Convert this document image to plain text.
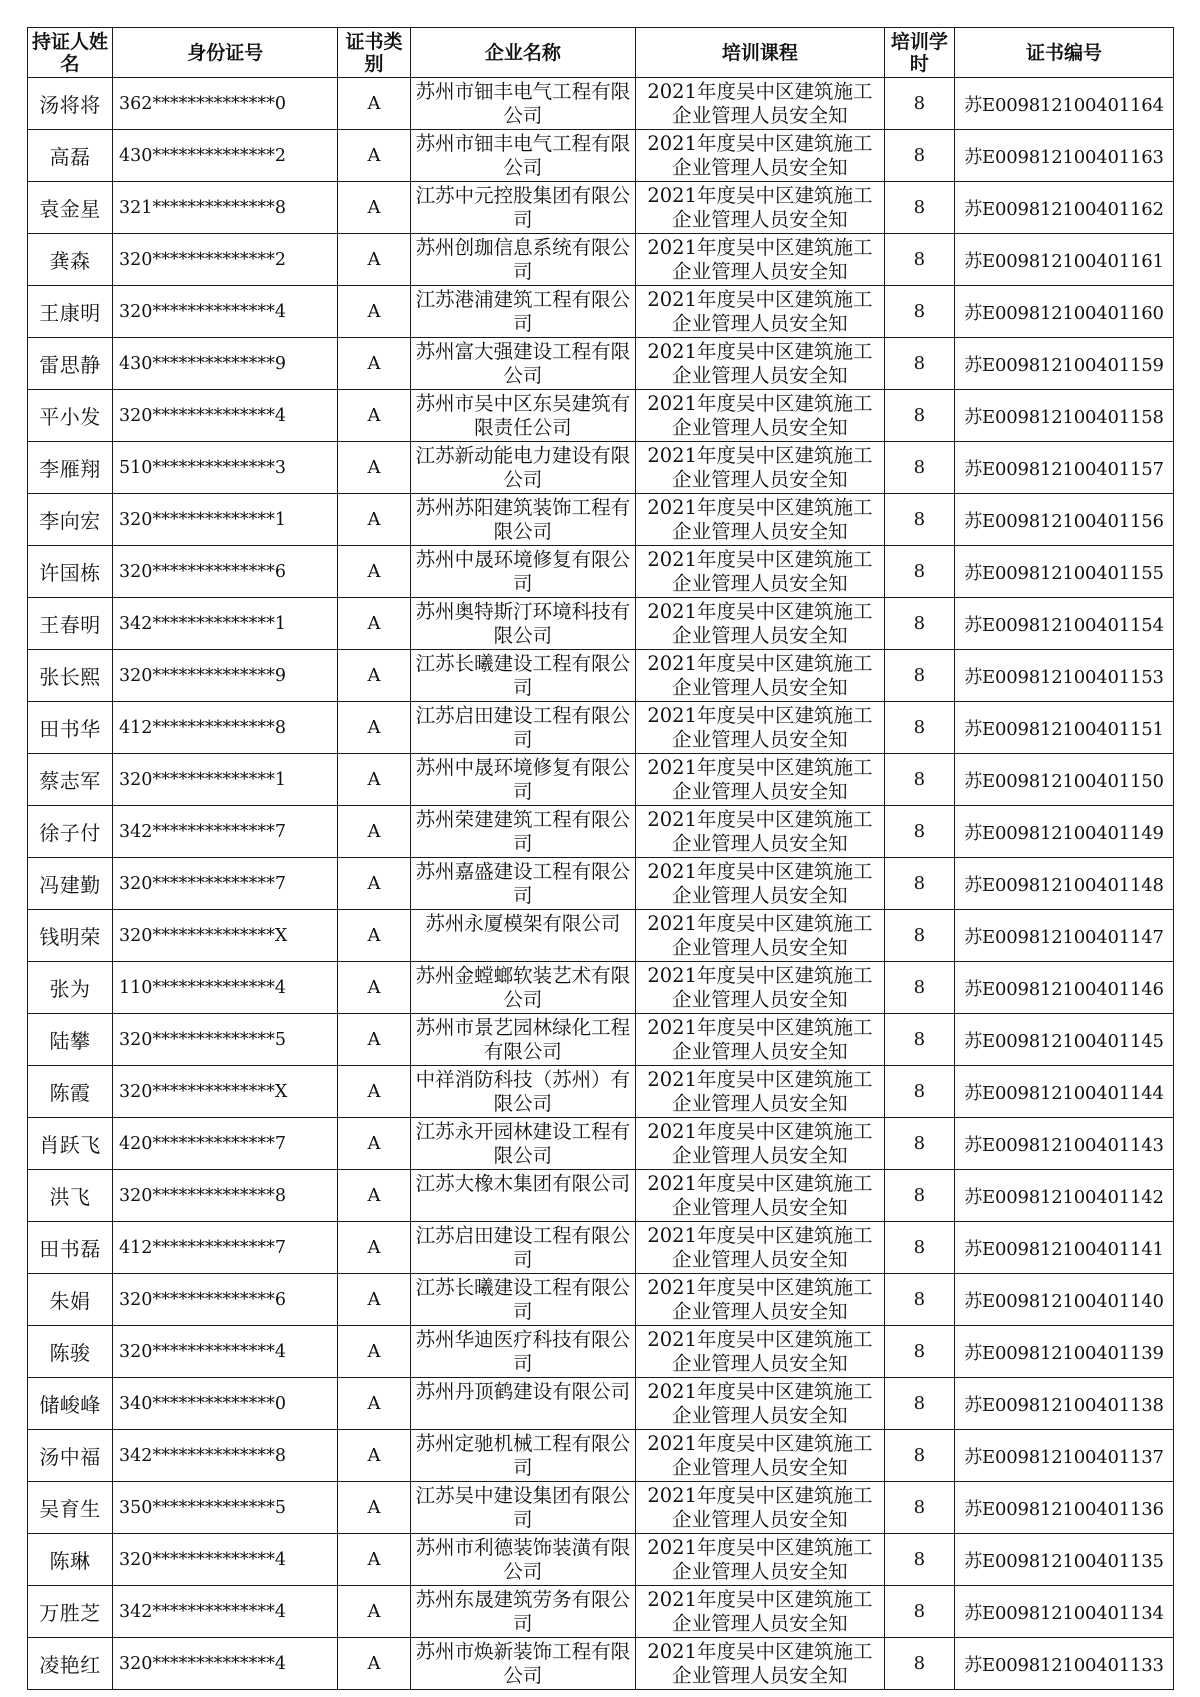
持证人姓名	身份证号	证书类别	企业名称	培训课程	培训学时	证书编号
汤将将	362**************0	A	苏州市钿丰电气工程有限公司	2021年度吴中区建筑施工企业管理人员安全知	8	苏E009812100401164
高磊	430**************2	A	苏州市钿丰电气工程有限公司	2021年度吴中区建筑施工企业管理人员安全知	8	苏E009812100401163
袁金星	321**************8	A	江苏中元控股集团有限公司	2021年度吴中区建筑施工企业管理人员安全知	8	苏E009812100401162
龚森	320**************2	A	苏州创珈信息系统有限公司	2021年度吴中区建筑施工企业管理人员安全知	8	苏E009812100401161
王康明	320**************4	A	江苏港浦建筑工程有限公司	2021年度吴中区建筑施工企业管理人员安全知	8	苏E009812100401160
雷思静	430**************9	A	苏州富大强建设工程有限公司	2021年度吴中区建筑施工企业管理人员安全知	8	苏E009812100401159
平小发	320**************4	A	苏州市吴中区东吴建筑有限责任公司	2021年度吴中区建筑施工企业管理人员安全知	8	苏E009812100401158
李雁翔	510**************3	A	江苏新动能电力建设有限公司	2021年度吴中区建筑施工企业管理人员安全知	8	苏E009812100401157
李向宏	320**************1	A	苏州苏阳建筑装饰工程有限公司	2021年度吴中区建筑施工企业管理人员安全知	8	苏E009812100401156
许国栋	320**************6	A	苏州中晟环境修复有限公司	2021年度吴中区建筑施工企业管理人员安全知	8	苏E009812100401155
王春明	342**************1	A	苏州奥特斯汀环境科技有限公司	2021年度吴中区建筑施工企业管理人员安全知	8	苏E009812100401154
张长熙	320**************9	A	江苏长曦建设工程有限公司	2021年度吴中区建筑施工企业管理人员安全知	8	苏E009812100401153
田书华	412**************8	A	江苏启田建设工程有限公司	2021年度吴中区建筑施工企业管理人员安全知	8	苏E009812100401151
蔡志军	320**************1	A	苏州中晟环境修复有限公司	2021年度吴中区建筑施工企业管理人员安全知	8	苏E009812100401150
徐子付	342**************7	A	苏州荣建建筑工程有限公司	2021年度吴中区建筑施工企业管理人员安全知	8	苏E009812100401149
冯建勤	320**************7	A	苏州嘉盛建设工程有限公司	2021年度吴中区建筑施工企业管理人员安全知	8	苏E009812100401148
钱明荣	320**************X	A	苏州永厦模架有限公司	2021年度吴中区建筑施工企业管理人员安全知	8	苏E009812100401147
张为	110**************4	A	苏州金螳螂软装艺术有限公司	2021年度吴中区建筑施工企业管理人员安全知	8	苏E009812100401146
陆攀	320**************5	A	苏州市景艺园林绿化工程有限公司	2021年度吴中区建筑施工企业管理人员安全知	8	苏E009812100401145
陈霞	320**************X	A	中祥消防科技（苏州）有限公司	2021年度吴中区建筑施工企业管理人员安全知	8	苏E009812100401144
肖跃飞	420**************7	A	江苏永开园林建设工程有限公司	2021年度吴中区建筑施工企业管理人员安全知	8	苏E009812100401143
洪飞	320**************8	A	江苏大橡木集团有限公司	2021年度吴中区建筑施工企业管理人员安全知	8	苏E009812100401142
田书磊	412**************7	A	江苏启田建设工程有限公司	2021年度吴中区建筑施工企业管理人员安全知	8	苏E009812100401141
朱娟	320**************6	A	江苏长曦建设工程有限公司	2021年度吴中区建筑施工企业管理人员安全知	8	苏E009812100401140
陈骏	320**************4	A	苏州华迪医疗科技有限公司	2021年度吴中区建筑施工企业管理人员安全知	8	苏E009812100401139
储峻峰	340**************0	A	苏州丹顶鹤建设有限公司	2021年度吴中区建筑施工企业管理人员安全知	8	苏E009812100401138
汤中福	342**************8	A	苏州定驰机械工程有限公司	2021年度吴中区建筑施工企业管理人员安全知	8	苏E009812100401137
吴育生	350**************5	A	江苏吴中建设集团有限公司	2021年度吴中区建筑施工企业管理人员安全知	8	苏E009812100401136
陈琳	320**************4	A	苏州市利德装饰装潢有限公司	2021年度吴中区建筑施工企业管理人员安全知	8	苏E009812100401135
万胜芝	342**************4	A	苏州东晟建筑劳务有限公司	2021年度吴中区建筑施工企业管理人员安全知	8	苏E009812100401134
凌艳红	320**************4	A	苏州市焕新装饰工程有限公司	2021年度吴中区建筑施工企业管理人员安全知	8	苏E009812100401133
